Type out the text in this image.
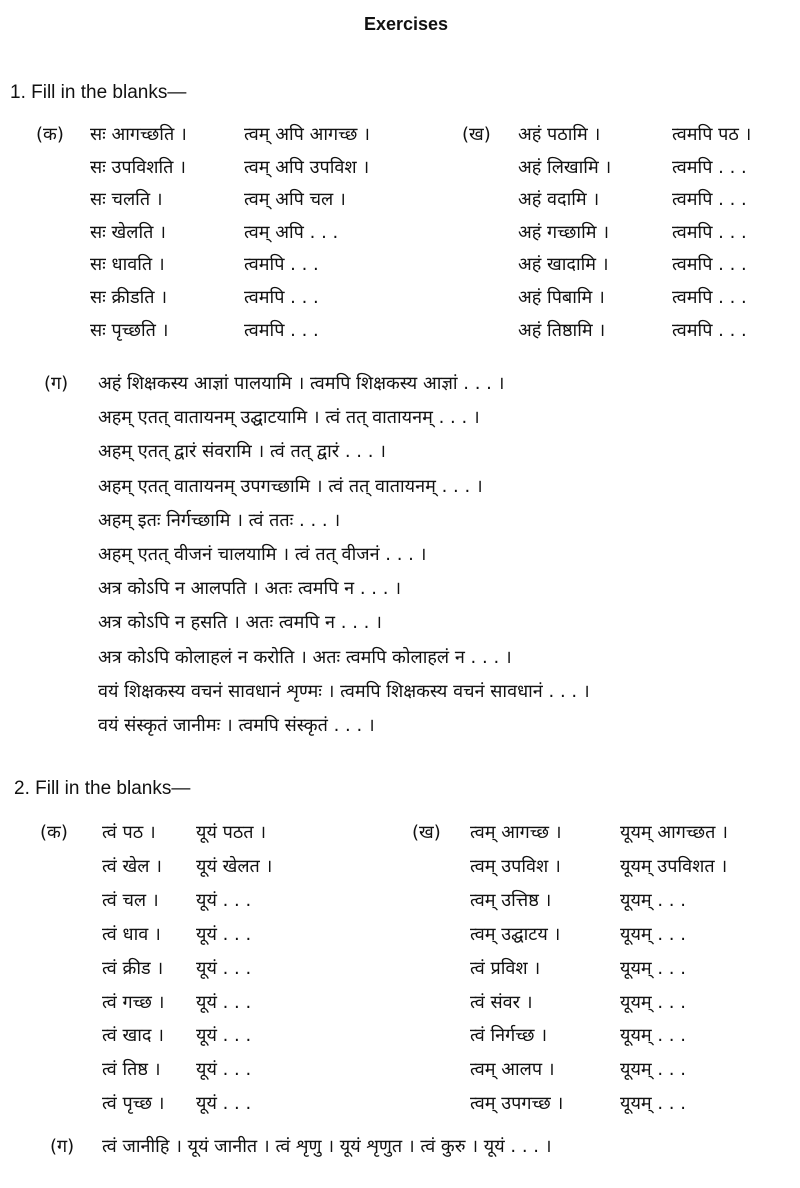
Exercises
1. Fill in the blanks—
(क) सः आगच्छति ।	त्वम् अपि आगच्छ ।
सः उपविशति ।	त्वम् अपि उपविश ।
सः चलति ।	त्वम् अपि चल ।
सः खेलति ।	त्वम् अपि . . .
सः धावति ।	त्वमपि . . .
सः क्रीडति ।	त्वमपि . . .
सः पृच्छति ।	त्वमपि . . .
(ख) अहं पठामि ।	त्वमपि पठ ।
अहं लिखामि ।	त्वमपि . . .
अहं वदामि ।	त्वमपि . . .
अहं गच्छामि ।	त्वमपि . . .
अहं खादामि ।	त्वमपि . . .
अहं पिबामि ।	त्वमपि . . .
अहं तिष्ठामि ।	त्वमपि . . .
(ग) अहं शिक्षकस्य आज्ञां पालयामि । त्वमपि शिक्षकस्य आज्ञां . . . ।
अहम् एतत् वातायनम् उद्घाटयामि । त्वं तत् वातायनम् . . . ।
अहम् एतत् द्वारं संवरामि । त्वं तत् द्वारं . . . ।
अहम् एतत् वातायनम् उपगच्छामि । त्वं तत् वातायनम् . . . ।
अहम् इतः निर्गच्छामि । त्वं ततः . . . ।
अहम् एतत् वीजनं चालयामि । त्वं तत् वीजनं . . . ।
अत्र कोऽपि न आलपति । अतः त्वमपि न . . . ।
अत्र कोऽपि न हसति । अतः त्वमपि न . . . ।
अत्र कोऽपि कोलाहलं न करोति । अतः त्वमपि कोलाहलं न . . . ।
वयं शिक्षकस्य वचनं सावधानं शृण्मः । त्वमपि शिक्षकस्य वचनं सावधानं . . . ।
वयं संस्कृतं जानीमः । त्वमपि संस्कृतं . . . ।
2. Fill in the blanks—
(क) त्वं पठ । यूयं पठत ।
त्वं खेल । यूयं खेलत ।
त्वं चल । यूयं . . .
त्वं धाव । यूयं . . .
त्वं क्रीड । यूयं . . .
त्वं गच्छ । यूयं . . .
त्वं खाद । यूयं . . .
त्वं तिष्ठ । यूयं . . .
त्वं पृच्छ । यूयं . . .
(ख) त्वम् आगच्छ ।	यूयम् आगच्छत ।
त्वम् उपविश ।	यूयम् उपविशत ।
त्वम् उत्तिष्ठ ।	यूयम् . . .
त्वम् उद्घाटय ।	यूयम् . . .
त्वं प्रविश ।	यूयम् . . .
त्वं संवर ।	यूयम् . . .
त्वं निर्गच्छ ।	यूयम् . . .
त्वम् आलप ।	यूयम् . . .
त्वम् उपगच्छ ।	यूयम् . . .
(ग) त्वं जानीहि । यूयं जानीत । त्वं शृणु । यूयं शृणुत । त्वं कुरु । यूयं . . . ।
